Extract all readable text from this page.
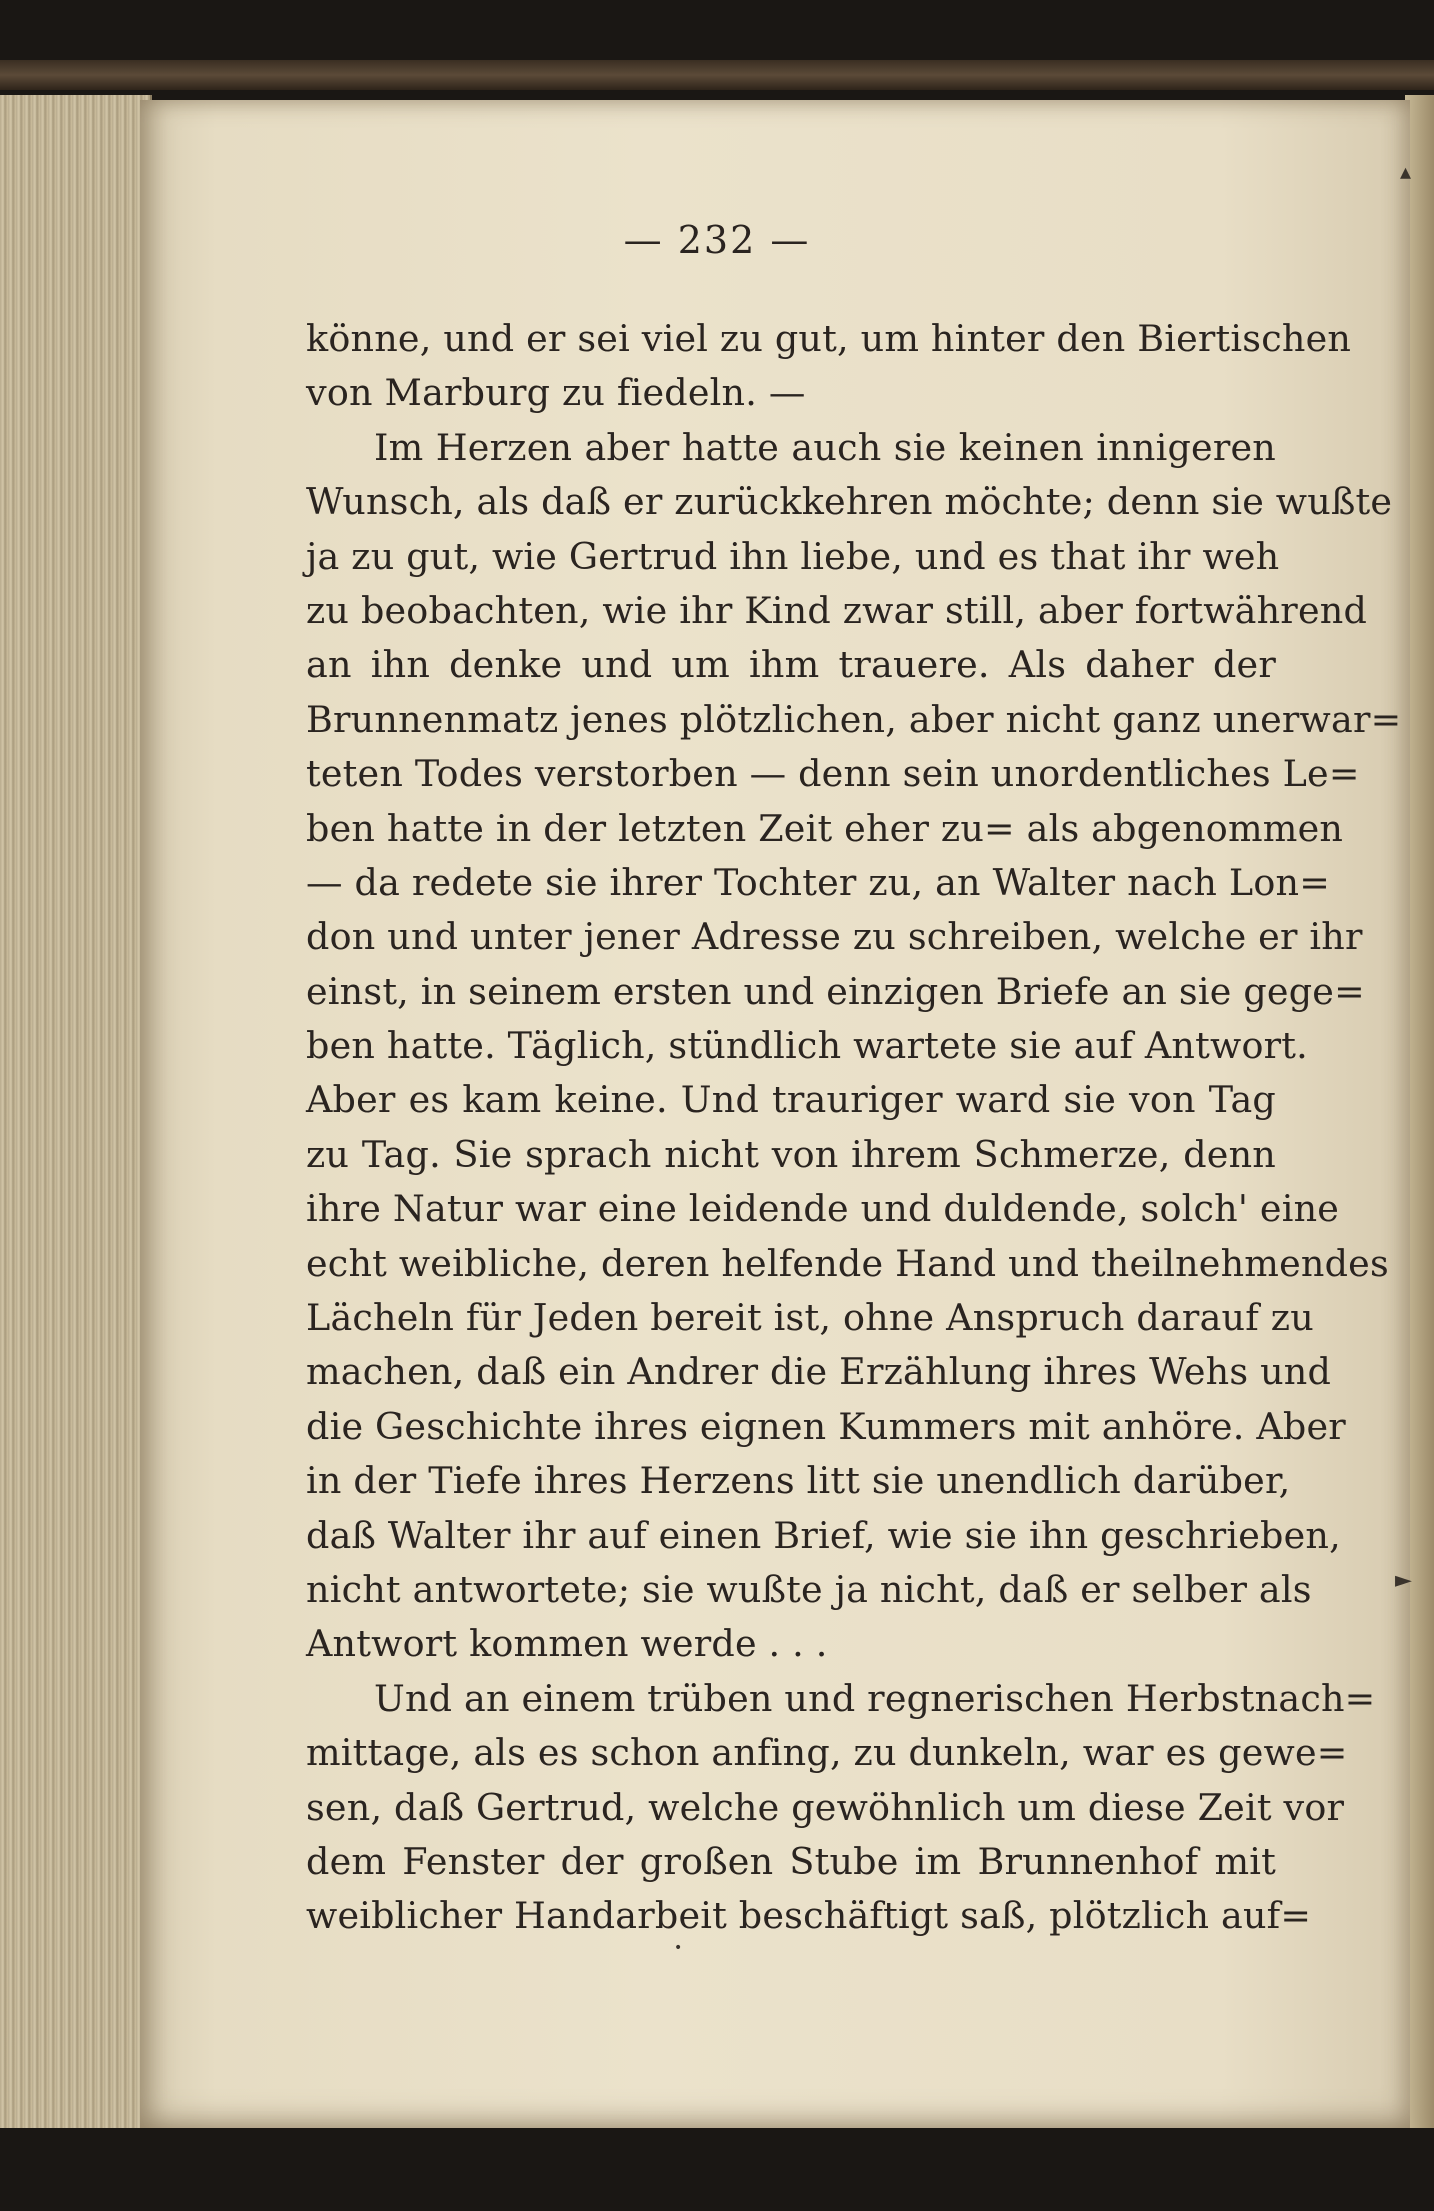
— 232 —
könne, und er sei viel zu gut, um hinter den Biertischen
von Marburg zu fiedeln. —
Im Herzen aber hatte auch sie keinen innigeren
Wunsch, als daß er zurückkehren möchte; denn sie wußte
ja zu gut, wie Gertrud ihn liebe, und es that ihr weh
zu beobachten, wie ihr Kind zwar still, aber fortwährend
an ihn denke und um ihm trauere. Als daher der
Brunnenmatz jenes plötzlichen, aber nicht ganz unerwar=
teten Todes verstorben — denn sein unordentliches Le=
ben hatte in der letzten Zeit eher zu= als abgenommen
— da redete sie ihrer Tochter zu, an Walter nach Lon=
don und unter jener Adresse zu schreiben, welche er ihr
einst, in seinem ersten und einzigen Briefe an sie gege=
ben hatte. Täglich, stündlich wartete sie auf Antwort.
Aber es kam keine. Und trauriger ward sie von Tag
zu Tag. Sie sprach nicht von ihrem Schmerze, denn
ihre Natur war eine leidende und duldende, solch' eine
echt weibliche, deren helfende Hand und theilnehmendes
Lächeln für Jeden bereit ist, ohne Anspruch darauf zu
machen, daß ein Andrer die Erzählung ihres Wehs und
die Geschichte ihres eignen Kummers mit anhöre. Aber
in der Tiefe ihres Herzens litt sie unendlich darüber,
daß Walter ihr auf einen Brief, wie sie ihn geschrieben,
nicht antwortete; sie wußte ja nicht, daß er selber als
Antwort kommen werde . . .
Und an einem trüben und regnerischen Herbstnach=
mittage, als es schon anfing, zu dunkeln, war es gewe=
sen, daß Gertrud, welche gewöhnlich um diese Zeit vor
dem Fenster der großen Stube im Brunnenhof mit
weiblicher Handarbeit beschäftigt saß, plötzlich auf=
▴
►
•
